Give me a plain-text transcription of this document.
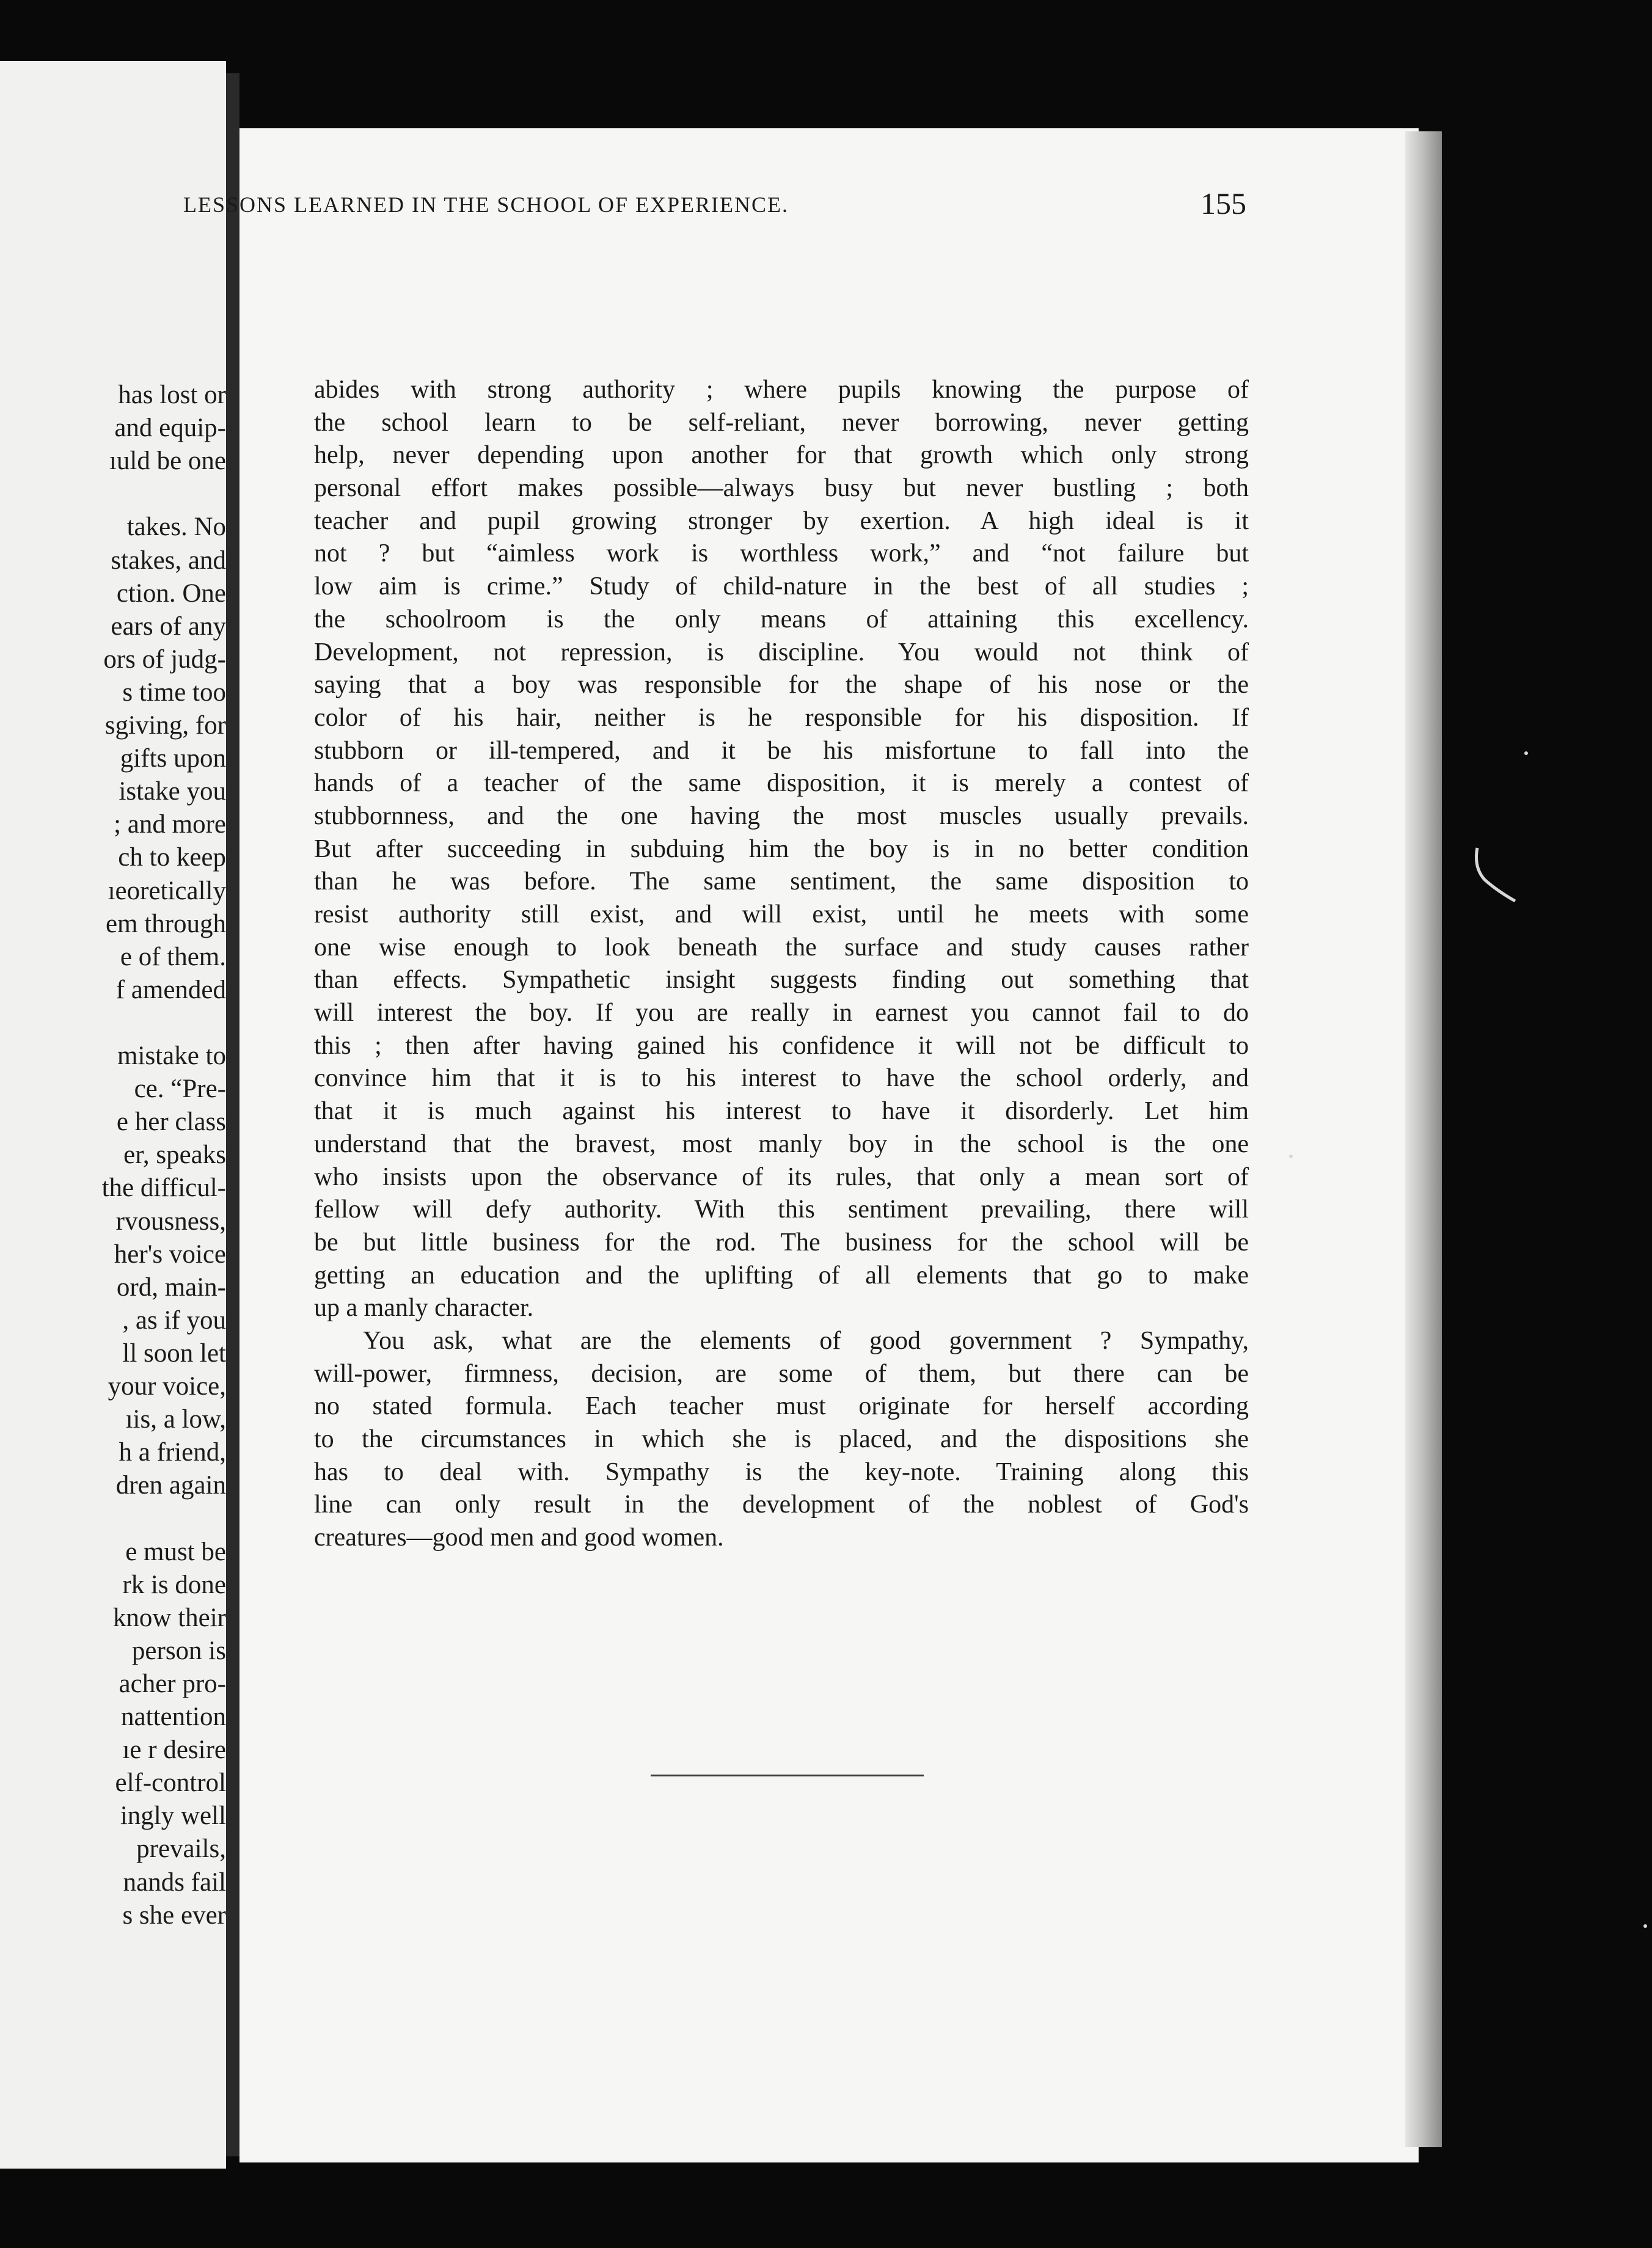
has lost or
and equip-
ıuld be one
takes. No
stakes, and
ction. One
ears of any
ors of judg-
s time too
sgiving, for
gifts upon
istake you
; and more
ch to keep
ıeoretically
em through
e of them.
f amended
mistake to
ce. “Pre-
e her class
er, speaks
the difficul-
rvousness,
her's voice
ord, main-
, as if you
ll soon let
your voice,
ıis, a low,
h a friend,
dren again
e must be
rk is done
know their
person is
acher pro-
nattention
ıe r desire
elf-control
ingly well
prevails,
nands fail
s she ever
LESSONS LEARNED IN THE SCHOOL OF EXPERIENCE.	155
abides with strong authority ; where pupils knowing the purpose of
the school learn to be self-reliant, never borrowing, never getting
help, never depending upon another for that growth which only strong
personal effort makes possible—always busy but never bustling ; both
teacher and pupil growing stronger by exertion. A high ideal is it
not ? but “aimless work is worthless work,” and “not failure but
low aim is crime.” Study of child-nature in the best of all studies ;
the schoolroom is the only means of attaining this excellency.
Development, not repression, is discipline. You would not think of
saying that a boy was responsible for the shape of his nose or the
color of his hair, neither is he responsible for his disposition. If
stubborn or ill-tempered, and it be his misfortune to fall into the
hands of a teacher of the same disposition, it is merely a contest of
stubbornness, and the one having the most muscles usually prevails.
But after succeeding in subduing him the boy is in no better condition
than he was before. The same sentiment, the same disposition to
resist authority still exist, and will exist, until he meets with some
one wise enough to look beneath the surface and study causes rather
than effects. Sympathetic insight suggests finding out something that
will interest the boy. If you are really in earnest you cannot fail to do
this ; then after having gained his confidence it will not be difficult to
convince him that it is to his interest to have the school orderly, and
that it is much against his interest to have it disorderly. Let him
understand that the bravest, most manly boy in the school is the one
who insists upon the observance of its rules, that only a mean sort of
fellow will defy authority. With this sentiment prevailing, there will
be but little business for the rod. The business for the school will be
getting an education and the uplifting of all elements that go to make
up a manly character.
You ask, what are the elements of good government ? Sympathy,
will-power, firmness, decision, are some of them, but there can be
no stated formula. Each teacher must originate for herself according
to the circumstances in which she is placed, and the dispositions she
has to deal with. Sympathy is the key-note. Training along this
line can only result in the development of the noblest of God's
creatures—good men and good women.
